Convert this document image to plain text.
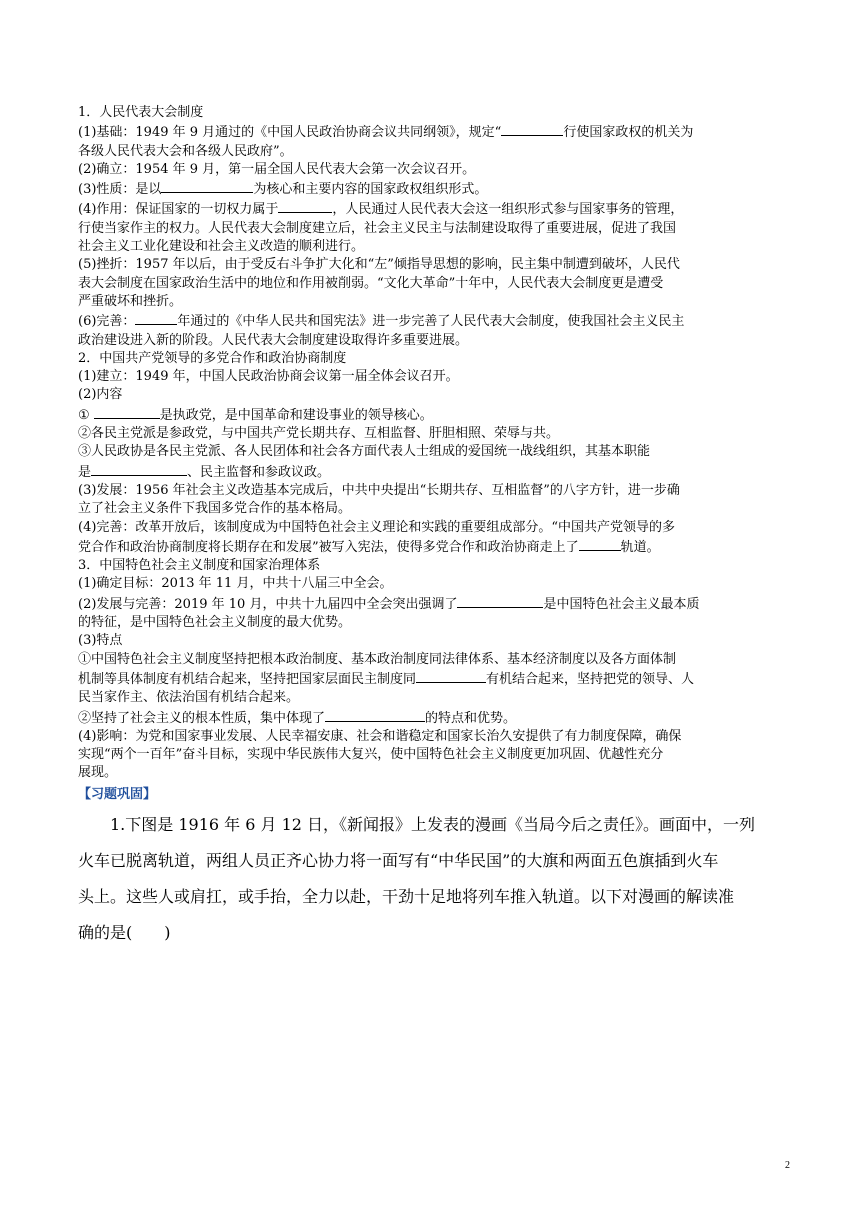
1．人民代表大会制度
(1)基础：1949 年 9 月通过的《中国人民政治协商会议共同纲领》，规定“	行使国家政权的机关为
各级人民代表大会和各级人民政府”。
(2)确立：1954 年 9 月，第一届全国人民代表大会第一次会议召开。
(3)性质：是以	为核心和主要内容的国家政权组织形式。
(4)作用：保证国家的一切权力属于	，人民通过人民代表大会这一组织形式参与国家事务的管理，
行使当家作主的权力。人民代表大会制度建立后，社会主义民主与法制建设取得了重要进展，促进了我国
社会主义工业化建设和社会主义改造的顺利进行。
(5)挫折：1957 年以后，由于受反右斗争扩大化和“左”倾指导思想的影响，民主集中制遭到破坏，人民代
表大会制度在国家政治生活中的地位和作用被削弱。“文化大革命”十年中，人民代表大会制度更是遭受
严重破坏和挫折。
(6)完善：	年通过的《中华人民共和国宪法》进一步完善了人民代表大会制度，使我国社会主义民主
政治建设进入新的阶段。人民代表大会制度建设取得许多重要进展。
2．中国共产党领导的多党合作和政治协商制度
(1)建立：1949 年，中国人民政治协商会议第一届全体会议召开。
(2)内容
①	是执政党，是中国革命和建设事业的领导核心。
②各民主党派是参政党，与中国共产党长期共存、互相监督、肝胆相照、荣辱与共。
③人民政协是各民主党派、各人民团体和社会各方面代表人士组成的爱国统一战线组织，其基本职能
是	、民主监督和参政议政。
(3)发展：1956 年社会主义改造基本完成后，中共中央提出“长期共存、互相监督”的八字方针，进一步确
立了社会主义条件下我国多党合作的基本格局。
(4)完善：改革开放后，该制度成为中国特色社会主义理论和实践的重要组成部分。“中国共产党领导的多
党合作和政治协商制度将长期存在和发展”被写入宪法，使得多党合作和政治协商走上了	轨道。
3．中国特色社会主义制度和国家治理体系
(1)确定目标：2013 年 11 月，中共十八届三中全会。
(2)发展与完善：2019 年 10 月，中共十九届四中全会突出强调了	是中国特色社会主义最本质
的特征，是中国特色社会主义制度的最大优势。
(3)特点
①中国特色社会主义制度坚持把根本政治制度、基本政治制度同法律体系、基本经济制度以及各方面体制
机制等具体制度有机结合起来，坚持把国家层面民主制度同	有机结合起来，坚持把党的领导、人
民当家作主、依法治国有机结合起来。
②坚持了社会主义的根本性质，集中体现了	的特点和优势。
(4)影响：为党和国家事业发展、人民幸福安康、社会和谐稳定和国家长治久安提供了有力制度保障，确保
实现“两个一百年”奋斗目标，实现中华民族伟大复兴，使中国特色社会主义制度更加巩固、优越性充分
展现。
【习题巩固】
1.下图是 1916 年 6 月 12 日，《新闻报》上发表的漫画《当局今后之责任》。画面中，一列
火车已脱离轨道，两组人员正齐心协力将一面写有“中华民国”的大旗和两面五色旗插到火车
头上。这些人或肩扛，或手抬，全力以赴，干劲十足地将列车推入轨道。以下对漫画的解读准
确的是(　　)
2
